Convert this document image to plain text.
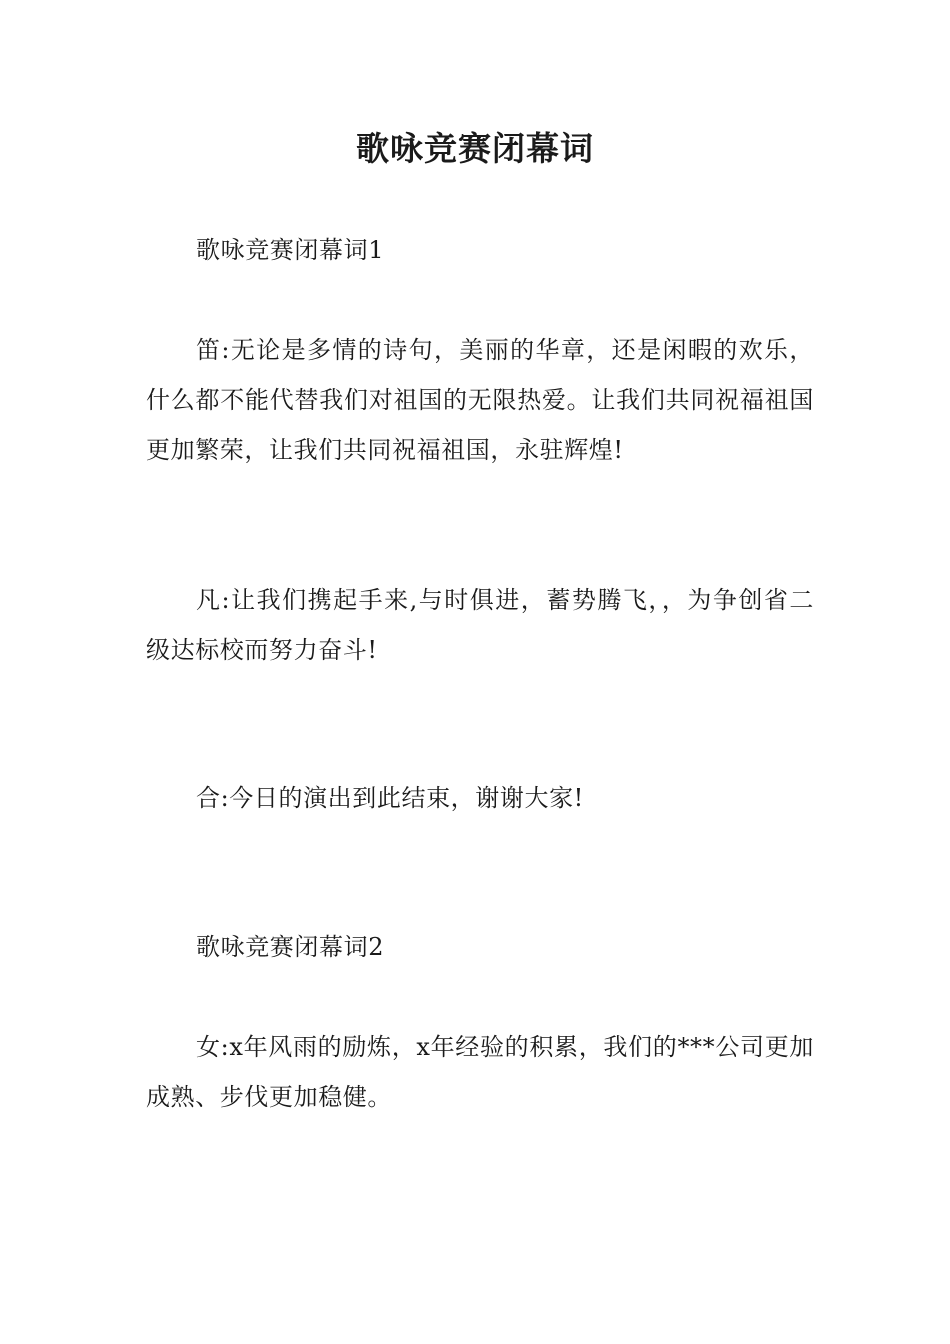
歌咏竞赛闭幕词

歌咏竞赛闭幕词1

笛:无论是多情的诗句，美丽的华章，还是闲暇的欢乐，什么都不能代替我们对祖国的无限热爱。让我们共同祝福祖国更加繁荣，让我们共同祝福祖国，永驻辉煌!

凡:让我们携起手来,与时俱进，蓄势腾飞，，为争创省二级达标校而努力奋斗!

合:今日的演出到此结束，谢谢大家!

歌咏竞赛闭幕词2

女:x年风雨的励炼，x年经验的积累，我们的***公司更加成熟、步伐更加稳健。
